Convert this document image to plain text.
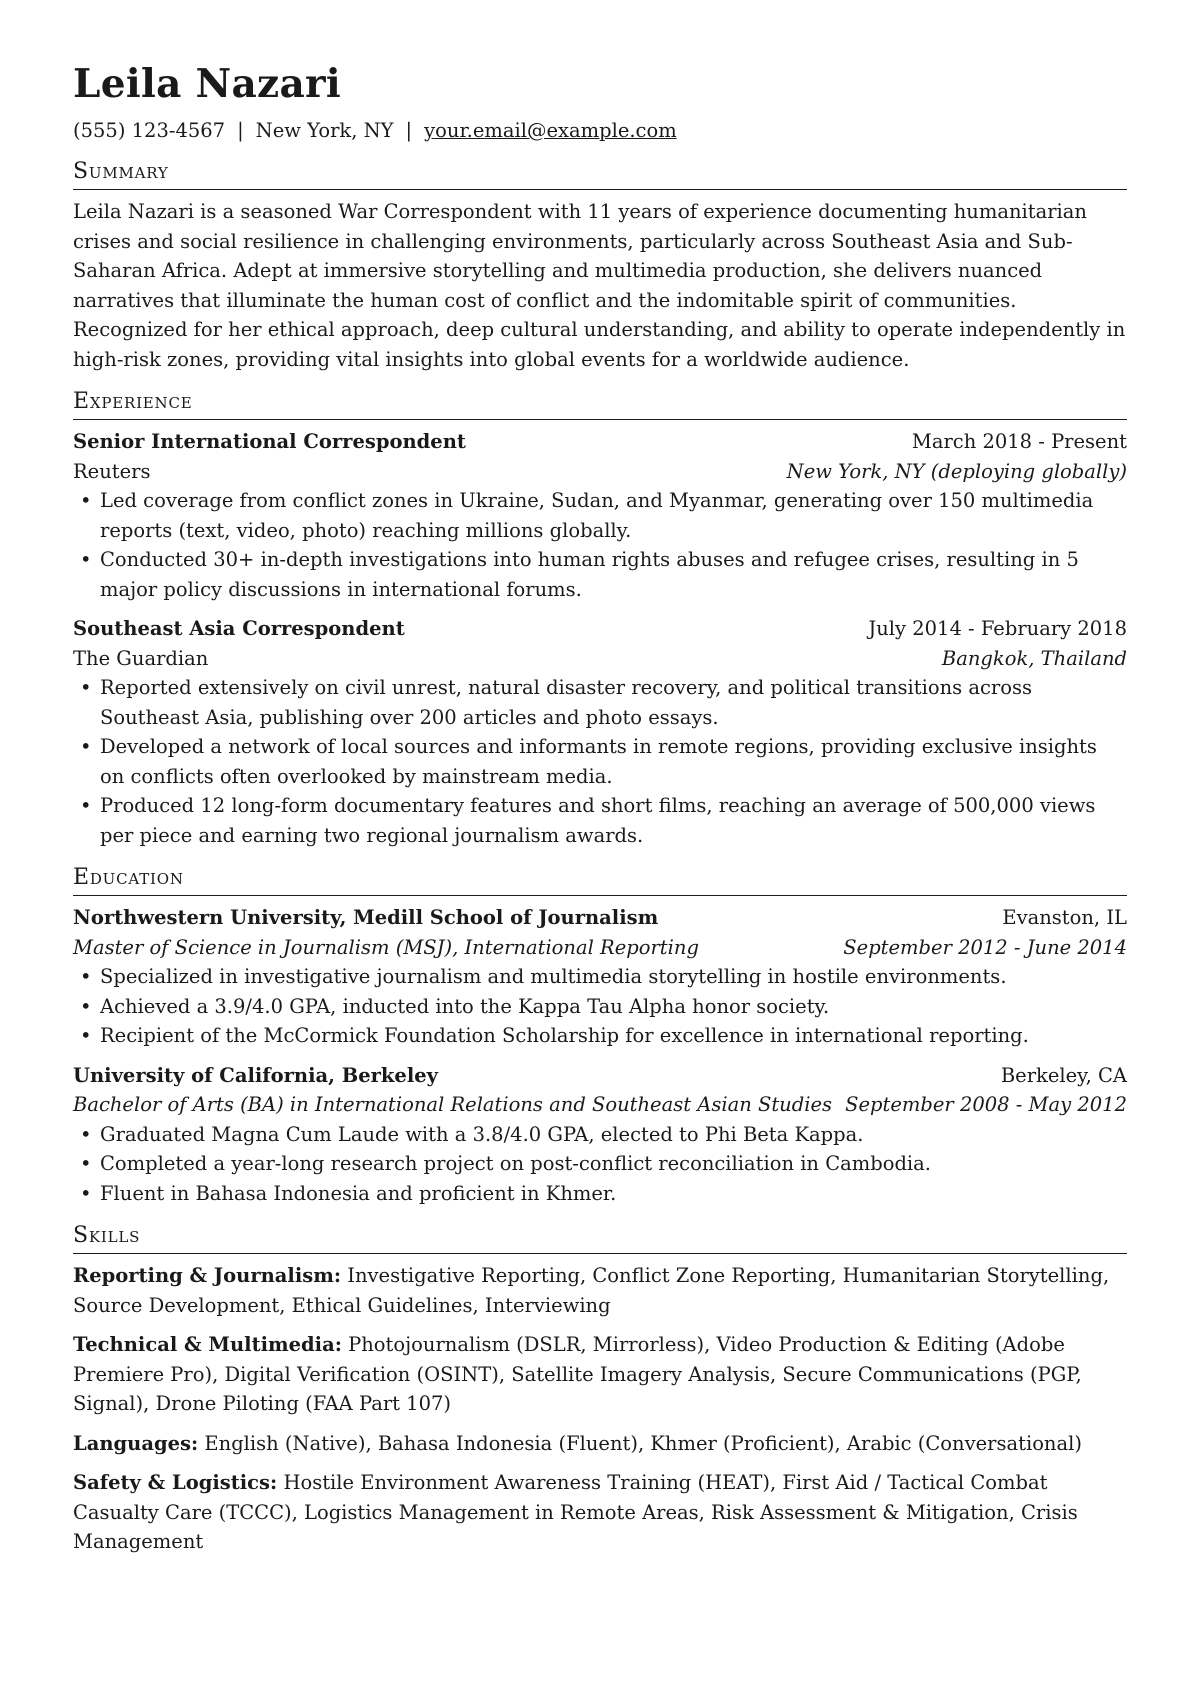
Leila Nazari
(555) 123-4567 | New York, NY | your.email@example.com
Summary

Leila Nazari is a seasoned War Correspondent with 11 years of experience documenting humanitarian crises and social resilience in challenging environments, particularly across Southeast Asia and Sub-Saharan Africa. Adept at immersive storytelling and multimedia production, she delivers nuanced narratives that illuminate the human cost of conflict and the indomitable spirit of communities. Recognized for her ethical approach, deep cultural understanding, and ability to operate independently in high-risk zones, providing vital insights into global events for a worldwide audience.

Experience
Senior International Correspondent	March 2018 - Present
Reuters	New York, NY (deploying globally)
• Led coverage from conflict zones in Ukraine, Sudan, and Myanmar, generating over 150 multimedia reports (text, video, photo) reaching millions globally.
• Conducted 30+ in-depth investigations into human rights abuses and refugee crises, resulting in 5 major policy discussions in international forums.
Southeast Asia Correspondent	July 2014 - February 2018
The Guardian	Bangkok, Thailand
• Reported extensively on civil unrest, natural disaster recovery, and political transitions across Southeast Asia, publishing over 200 articles and photo essays.
• Developed a network of local sources and informants in remote regions, providing exclusive insights on conflicts often overlooked by mainstream media.
• Produced 12 long-form documentary features and short films, reaching an average of 500,000 views per piece and earning two regional journalism awards.
Education
Northwestern University, Medill School of Journalism	Evanston, IL
Master of Science in Journalism (MSJ), International Reporting	September 2012 - June 2014
• Specialized in investigative journalism and multimedia storytelling in hostile environments.
• Achieved a 3.9/4.0 GPA, inducted into the Kappa Tau Alpha honor society.
• Recipient of the McCormick Foundation Scholarship for excellence in international reporting.
University of California, Berkeley	Berkeley, CA
Bachelor of Arts (BA) in International Relations and Southeast Asian Studies September 2008 - May 2012
• Graduated Magna Cum Laude with a 3.8/4.0 GPA, elected to Phi Beta Kappa.
• Completed a year-long research project on post-conflict reconciliation in Cambodia.
• Fluent in Bahasa Indonesia and proficient in Khmer.
Skills
Reporting & Journalism: Investigative Reporting, Conflict Zone Reporting, Humanitarian Storytelling, Source Development, Ethical Guidelines, Interviewing
Technical & Multimedia: Photojournalism (DSLR, Mirrorless), Video Production & Editing (Adobe Premiere Pro), Digital Verification (OSINT), Satellite Imagery Analysis, Secure Communications (PGP, Signal), Drone Piloting (FAA Part 107)
Languages: English (Native), Bahasa Indonesia (Fluent), Khmer (Proficient), Arabic (Conversational)
Safety & Logistics: Hostile Environment Awareness Training (HEAT), First Aid / Tactical Combat Casualty Care (TCCC), Logistics Management in Remote Areas, Risk Assessment & Mitigation, Crisis Management
